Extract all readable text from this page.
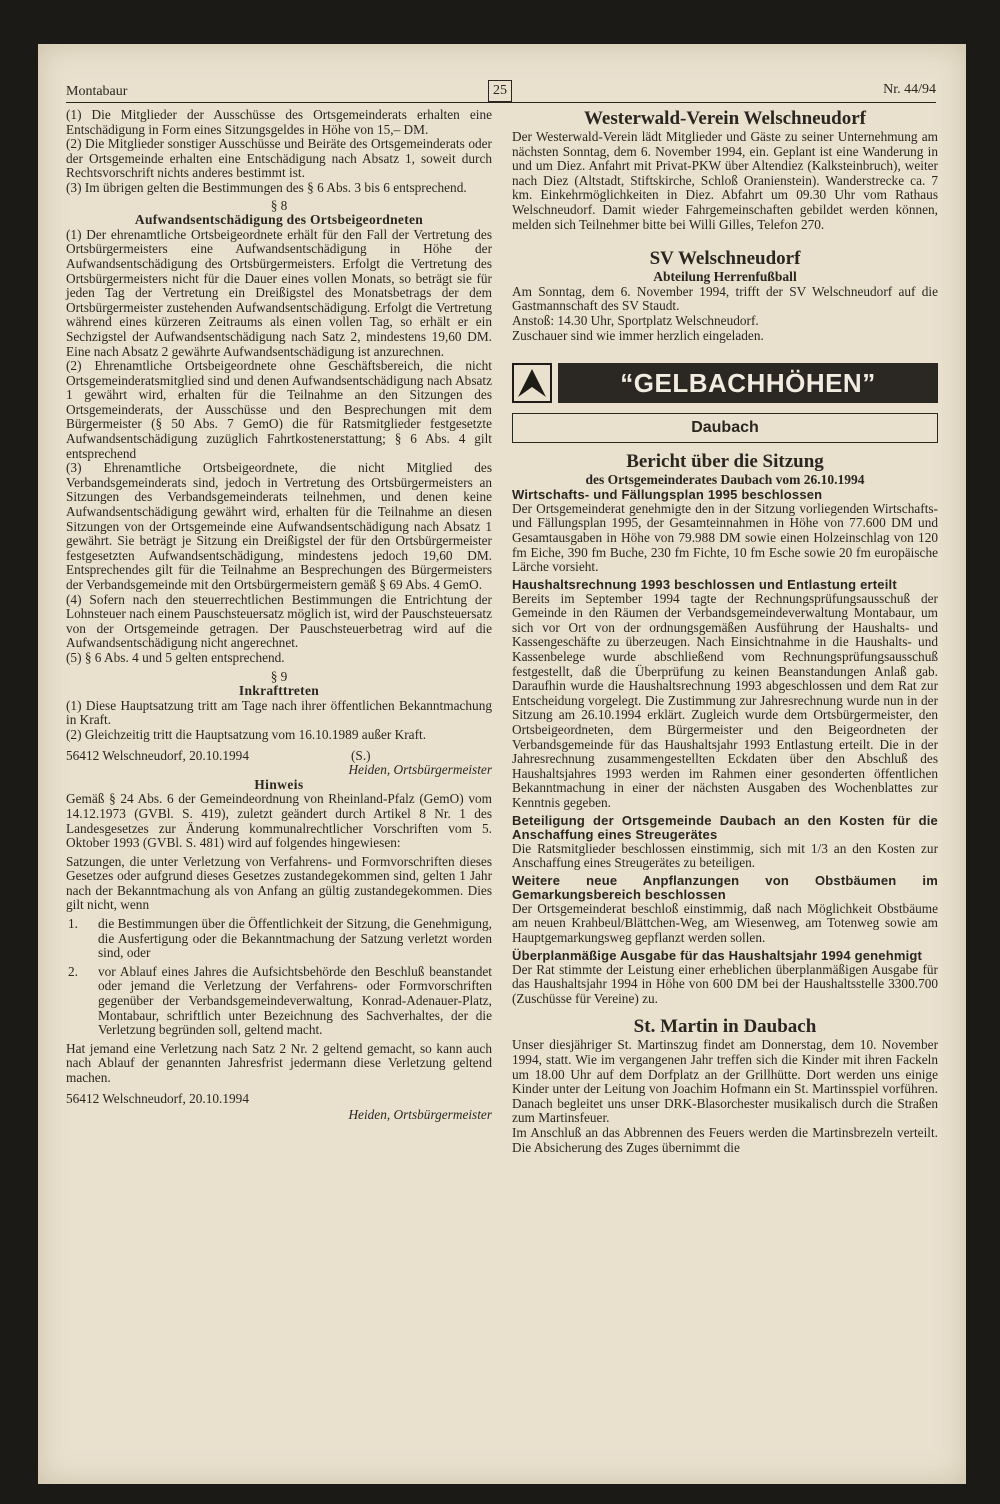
Montabaur	25	Nr. 44/94

(1) Die Mitglieder der Ausschüsse des Ortsgemeinderats erhalten eine Entschädigung in Form eines Sitzungsgeldes in Höhe von 15,– DM.

(2) Die Mitglieder sonstiger Ausschüsse und Beiräte des Ortsgemeinderats oder der Ortsgemeinde erhalten eine Entschädigung nach Absatz 1, soweit durch Rechtsvorschrift nichts anderes bestimmt ist.

(3) Im übrigen gelten die Bestimmungen des § 6 Abs. 3 bis 6 entsprechend.

§ 8

Aufwandsentschädigung des Ortsbeigeordneten

(1) Der ehrenamtliche Ortsbeigeordnete erhält für den Fall der Vertretung des Ortsbürgermeisters eine Aufwandsentschädigung in Höhe der Aufwandsentschädigung des Ortsbürgermeisters. Erfolgt die Vertretung des Ortsbürgermeisters nicht für die Dauer eines vollen Monats, so beträgt sie für jeden Tag der Vertretung ein Dreißigstel des Monatsbetrags der dem Ortsbürgermeister zustehenden Aufwandsentschädigung. Erfolgt die Vertretung während eines kürzeren Zeitraums als einen vollen Tag, so erhält er ein Sechzigstel der Aufwandsentschädigung nach Satz 2, mindestens 19,60 DM. Eine nach Absatz 2 gewährte Aufwandsentschädigung ist anzurechnen.

(2) Ehrenamtliche Ortsbeigeordnete ohne Geschäftsbereich, die nicht Ortsgemeinderatsmitglied sind und denen Aufwandsentschädigung nach Absatz 1 gewährt wird, erhalten für die Teilnahme an den Sitzungen des Ortsgemeinderats, der Ausschüsse und den Besprechungen mit dem Bürgermeister (§ 50 Abs. 7 GemO) die für Ratsmitglieder festgesetzte Aufwandsentschädigung zuzüglich Fahrtkostenerstattung; § 6 Abs. 4 gilt entsprechend

(3) Ehrenamtliche Ortsbeigeordnete, die nicht Mitglied des Verbandsgemeinderats sind, jedoch in Vertretung des Ortsbürgermeisters an Sitzungen des Verbandsgemeinderats teilnehmen, und denen keine Aufwandsentschädigung gewährt wird, erhalten für die Teilnahme an diesen Sitzungen von der Ortsgemeinde eine Aufwandsentschädigung nach Absatz 1 gewährt. Sie beträgt je Sitzung ein Dreißigstel der für den Ortsbürgermeister festgesetzten Aufwandsentschädigung, mindestens jedoch 19,60 DM. Entsprechendes gilt für die Teilnahme an Besprechungen des Bürgermeisters der Verbandsgemeinde mit den Ortsbürgermeistern gemäß § 69 Abs. 4 GemO.

(4) Sofern nach den steuerrechtlichen Bestimmungen die Entrichtung der Lohnsteuer nach einem Pauschsteuersatz möglich ist, wird der Pauschsteuersatz von der Ortsgemeinde getragen. Der Pauschsteuerbetrag wird auf die Aufwandsentschädigung nicht angerechnet.

(5) § 6 Abs. 4 und 5 gelten entsprechend.

§ 9

Inkrafttreten

(1) Diese Hauptsatzung tritt am Tage nach ihrer öffentlichen Bekanntmachung in Kraft.

(2) Gleichzeitig tritt die Hauptsatzung vom 16.10.1989 außer Kraft.

56412 Welschneudorf, 20.10.1994	(S.)

Heiden, Ortsbürgermeister

Hinweis

Gemäß § 24 Abs. 6 der Gemeindeordnung von Rheinland-Pfalz (GemO) vom 14.12.1973 (GVBl. S. 419), zuletzt geändert durch Artikel 8 Nr. 1 des Landesgesetzes zur Änderung kommunalrechtlicher Vorschriften vom 5. Oktober 1993 (GVBl. S. 481) wird auf folgendes hingewiesen:

Satzungen, die unter Verletzung von Verfahrens- und Formvorschriften dieses Gesetzes oder aufgrund dieses Gesetzes zustandegekommen sind, gelten 1 Jahr nach der Bekanntmachung als von Anfang an gültig zustandegekommen. Dies gilt nicht, wenn

1.	die Bestimmungen über die Öffentlichkeit der Sitzung, die Genehmigung, die Ausfertigung oder die Bekanntmachung der Satzung verletzt worden sind, oder
2.	vor Ablauf eines Jahres die Aufsichtsbehörde den Beschluß beanstandet oder jemand die Verletzung der Verfahrens- oder Formvorschriften gegenüber der Verbandsgemeindeverwaltung, Konrad-Adenauer-Platz, Montabaur, schriftlich unter Bezeichnung des Sachverhaltes, der die Verletzung begründen soll, geltend macht.

Hat jemand eine Verletzung nach Satz 2 Nr. 2 geltend gemacht, so kann auch nach Ablauf der genannten Jahresfrist jedermann diese Verletzung geltend machen.

56412 Welschneudorf, 20.10.1994

Heiden, Ortsbürgermeister

Westerwald-Verein Welschneudorf

Der Westerwald-Verein lädt Mitglieder und Gäste zu seiner Unternehmung am nächsten Sonntag, dem 6. November 1994, ein. Geplant ist eine Wanderung in und um Diez. Anfahrt mit Privat-PKW über Altendiez (Kalksteinbruch), weiter nach Diez (Altstadt, Stiftskirche, Schloß Oranienstein). Wanderstrecke ca. 7 km. Einkehrmöglichkeiten in Diez. Abfahrt um 09.30 Uhr vom Rathaus Welschneudorf. Damit wieder Fahrgemeinschaften gebildet werden können, melden sich Teilnehmer bitte bei Willi Gilles, Telefon 270.

SV Welschneudorf

Abteilung Herrenfußball

Am Sonntag, dem 6. November 1994, trifft der SV Welschneudorf auf die Gastmannschaft des SV Staudt.

Anstoß: 14.30 Uhr, Sportplatz Welschneudorf.

Zuschauer sind wie immer herzlich eingeladen.

“GELBACHHÖHEN”
Daubach

Bericht über die Sitzung

des Ortsgemeinderates Daubach vom 26.10.1994

Wirtschafts- und Fällungsplan 1995 beschlossen

Der Ortsgemeinderat genehmigte den in der Sitzung vorliegenden Wirtschafts- und Fällungsplan 1995, der Gesamteinnahmen in Höhe von 77.600 DM und Gesamtausgaben in Höhe von 79.988 DM sowie einen Holzeinschlag von 120 fm Eiche, 390 fm Buche, 230 fm Fichte, 10 fm Esche sowie 20 fm europäische Lärche vorsieht.

Haushaltsrechnung 1993 beschlossen und Entlastung erteilt

Bereits im September 1994 tagte der Rechnungsprüfungsausschuß der Gemeinde in den Räumen der Verbandsgemeindeverwaltung Montabaur, um sich vor Ort von der ordnungsgemäßen Ausführung der Haushalts- und Kassengeschäfte zu überzeugen. Nach Einsichtnahme in die Haushalts- und Kassenbelege wurde abschließend vom Rechnungsprüfungsausschuß festgestellt, daß die Überprüfung zu keinen Beanstandungen Anlaß gab. Daraufhin wurde die Haushaltsrechnung 1993 abgeschlossen und dem Rat zur Entscheidung vorgelegt. Die Zustimmung zur Jahresrechnung wurde nun in der Sitzung am 26.10.1994 erklärt. Zugleich wurde dem Ortsbürgermeister, den Ortsbeigeordneten, dem Bürgermeister und den Beigeordneten der Verbandsgemeinde für das Haushaltsjahr 1993 Entlastung erteilt. Die in der Jahresrechnung zusammengestellten Eckdaten über den Abschluß des Haushaltsjahres 1993 werden im Rahmen einer gesonderten öffentlichen Bekanntmachung in einer der nächsten Ausgaben des Wochenblattes zur Kenntnis gegeben.

Beteiligung der Ortsgemeinde Daubach an den Kosten für die Anschaffung eines Streugerätes

Die Ratsmitglieder beschlossen einstimmig, sich mit 1/3 an den Kosten zur Anschaffung eines Streugerätes zu beteiligen.

Weitere neue Anpflanzungen von Obstbäumen im Gemarkungsbereich beschlossen

Der Ortsgemeinderat beschloß einstimmig, daß nach Möglichkeit Obstbäume am neuen Krahbeul/Blättchen-Weg, am Wiesenweg, am Totenweg sowie am Hauptgemarkungsweg gepflanzt werden sollen.

Überplanmäßige Ausgabe für das Haushaltsjahr 1994 genehmigt

Der Rat stimmte der Leistung einer erheblichen überplanmäßigen Ausgabe für das Haushaltsjahr 1994 in Höhe von 600 DM bei der Haushaltsstelle 3300.700 (Zuschüsse für Vereine) zu.

St. Martin in Daubach

Unser diesjähriger St. Martinszug findet am Donnerstag, dem 10. November 1994, statt. Wie im vergangenen Jahr treffen sich die Kinder mit ihren Fackeln um 18.00 Uhr auf dem Dorfplatz an der Grillhütte. Dort werden uns einige Kinder unter der Leitung von Joachim Hofmann ein St. Martinsspiel vorführen. Danach begleitet uns unser DRK-Blasorchester musikalisch durch die Straßen zum Martinsfeuer.

Im Anschluß an das Abbrennen des Feuers werden die Martinsbrezeln verteilt. Die Absicherung des Zuges übernimmt die
